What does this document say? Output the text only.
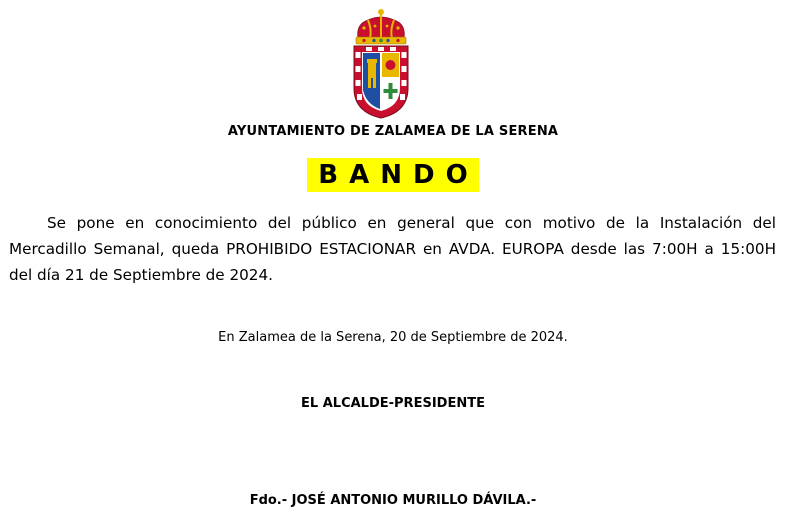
AYUNTAMIENTO DE ZALAMEA DE LA SERENA
BANDO

Se pone en conocimiento del público en general que con motivo de la Instalación del Mercadillo Semanal, queda PROHIBIDO ESTACIONAR en AVDA. EUROPA desde las 7:00H a 15:00H del día 21 de Septiembre de 2024.

En Zalamea de la Serena, 20 de Septiembre de 2024.
EL ALCALDE-PRESIDENTE
Fdo.- JOSÉ ANTONIO MURILLO DÁVILA.-
